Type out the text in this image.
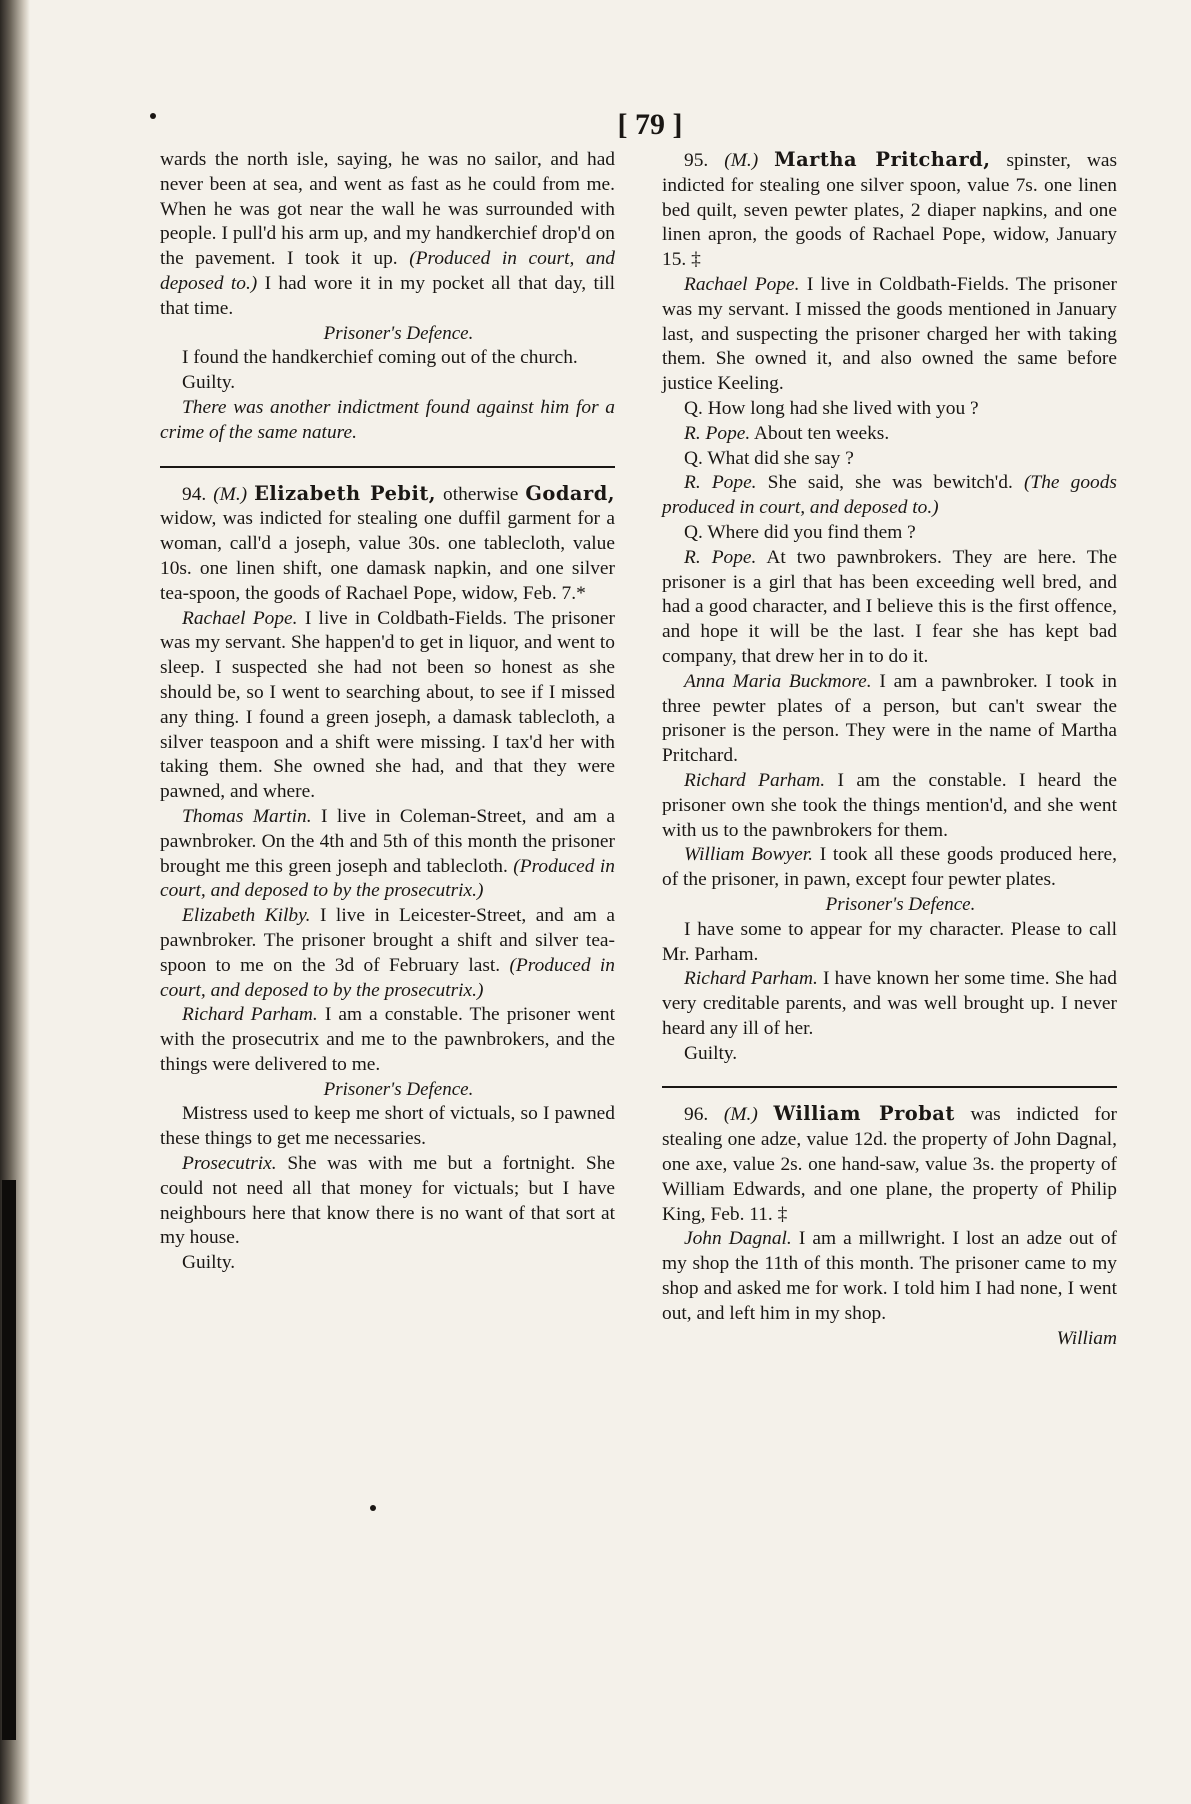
[ 79 ]

wards the north isle, saying, he was no sailor, and had never been at sea, and went as fast as he could from me. When he was got near the wall he was surrounded with people. I pull'd his arm up, and my handkerchief drop'd on the pavement. I took it up. (Produced in court, and deposed to.) I had wore it in my pocket all that day, till that time.

Prisoner's Defence.

I found the handkerchief coming out of the church.

Guilty.

There was another indictment found against him for a crime of the same nature.

94. (M.) Elizabeth Pebit, otherwise Godard, widow, was indicted for stealing one duffil garment for a woman, call'd a joseph, value 30s. one tablecloth, value 10s. one linen shift, one damask napkin, and one silver tea-spoon, the goods of Rachael Pope, widow, Feb. 7.*

Rachael Pope. I live in Coldbath-Fields. The prisoner was my servant. She happen'd to get in liquor, and went to sleep. I suspected she had not been so honest as she should be, so I went to searching about, to see if I missed any thing. I found a green joseph, a damask tablecloth, a silver teaspoon and a shift were missing. I tax'd her with taking them. She owned she had, and that they were pawned, and where.

Thomas Martin. I live in Coleman-Street, and am a pawnbroker. On the 4th and 5th of this month the prisoner brought me this green joseph and tablecloth. (Produced in court, and deposed to by the prosecutrix.)

Elizabeth Kilby. I live in Leicester-Street, and am a pawnbroker. The prisoner brought a shift and silver tea-spoon to me on the 3d of February last. (Produced in court, and deposed to by the prosecutrix.)

Richard Parham. I am a constable. The prisoner went with the prosecutrix and me to the pawnbrokers, and the things were delivered to me.

Prisoner's Defence.

Mistress used to keep me short of victuals, so I pawned these things to get me necessaries.

Prosecutrix. She was with me but a fortnight. She could not need all that money for victuals; but I have neighbours here that know there is no want of that sort at my house.

Guilty.

95. (M.) Martha Pritchard, spinster, was indicted for stealing one silver spoon, value 7s. one linen bed quilt, seven pewter plates, 2 diaper napkins, and one linen apron, the goods of Rachael Pope, widow, January 15. ‡

Rachael Pope. I live in Coldbath-Fields. The prisoner was my servant. I missed the goods mentioned in January last, and suspecting the prisoner charged her with taking them. She owned it, and also owned the same before justice Keeling.

Q. How long had she lived with you ?

R. Pope. About ten weeks.

Q. What did she say ?

R. Pope. She said, she was bewitch'd. (The goods produced in court, and deposed to.)

Q. Where did you find them ?

R. Pope. At two pawnbrokers. They are here. The prisoner is a girl that has been exceeding well bred, and had a good character, and I believe this is the first offence, and hope it will be the last. I fear she has kept bad company, that drew her in to do it.

Anna Maria Buckmore. I am a pawnbroker. I took in three pewter plates of a person, but can't swear the prisoner is the person. They were in the name of Martha Pritchard.

Richard Parham. I am the constable. I heard the prisoner own she took the things mention'd, and she went with us to the pawnbrokers for them.

William Bowyer. I took all these goods produced here, of the prisoner, in pawn, except four pewter plates.

Prisoner's Defence.

I have some to appear for my character. Please to call Mr. Parham.

Richard Parham. I have known her some time. She had very creditable parents, and was well brought up. I never heard any ill of her.

Guilty.

96. (M.) William Probat was indicted for stealing one adze, value 12d. the property of John Dagnal, one axe, value 2s. one hand-saw, value 3s. the property of William Edwards, and one plane, the property of Philip King, Feb. 11. ‡

John Dagnal. I am a millwright. I lost an adze out of my shop the 11th of this month. The prisoner came to my shop and asked me for work. I told him I had none, I went out, and left him in my shop.

William
